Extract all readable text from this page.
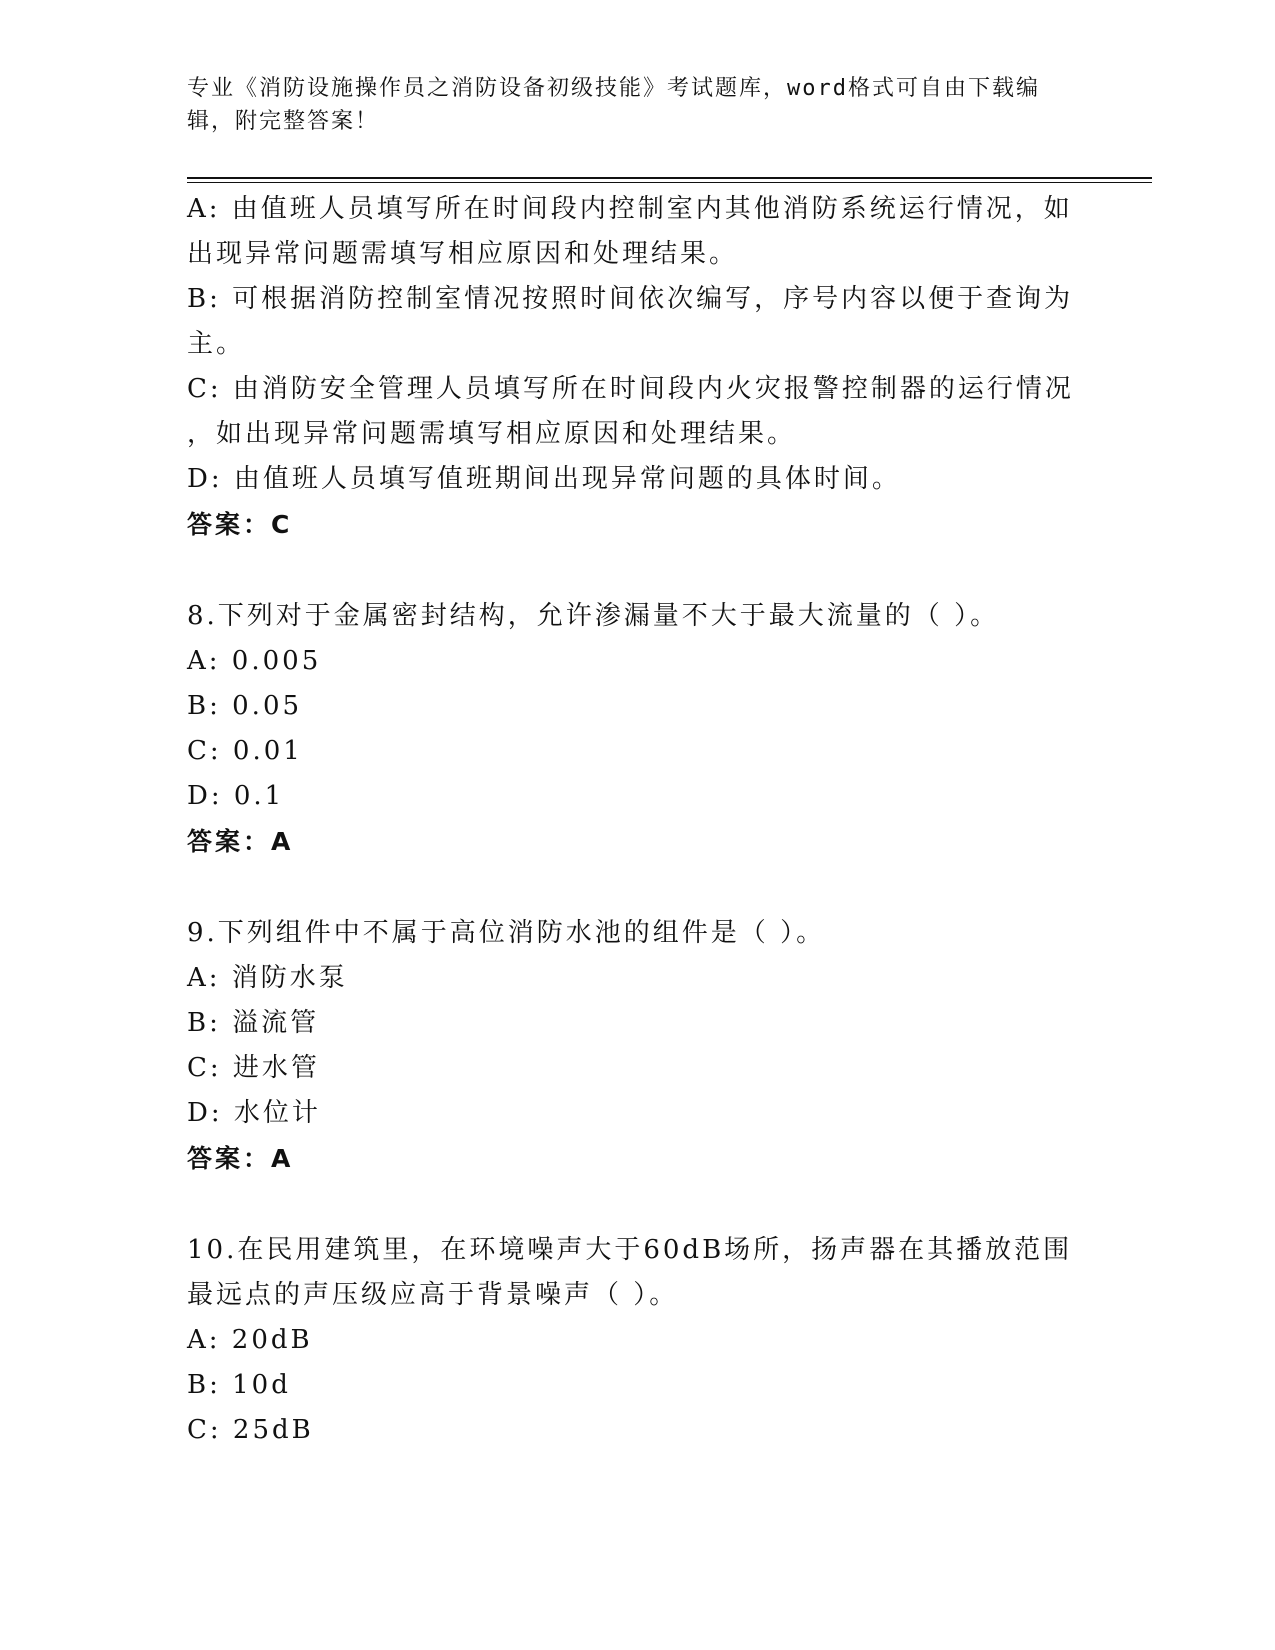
专业《消防设施操作员之消防设备初级技能》考试题库，word格式可自由下载编
辑，附完整答案！
A: 由值班人员填写所在时间段内控制室内其他消防系统运行情况，如
出现异常问题需填写相应原因和处理结果。
B: 可根据消防控制室情况按照时间依次编写，序号内容以便于查询为
主。
C: 由消防安全管理人员填写所在时间段内火灾报警控制器的运行情况
，如出现异常问题需填写相应原因和处理结果。
D: 由值班人员填写值班期间出现异常问题的具体时间。
答案：C
8.下列对于金属密封结构，允许渗漏量不大于最大流量的（ ）。
A: 0.005
B: 0.05
C: 0.01
D: 0.1
答案：A
9.下列组件中不属于高位消防水池的组件是（ ）。
A: 消防水泵
B: 溢流管
C: 进水管
D: 水位计
答案：A
10.在民用建筑里，在环境噪声大于60dB场所，扬声器在其播放范围
最远点的声压级应高于背景噪声（ ）。
A: 20dB
B: 10d
C: 25dB
